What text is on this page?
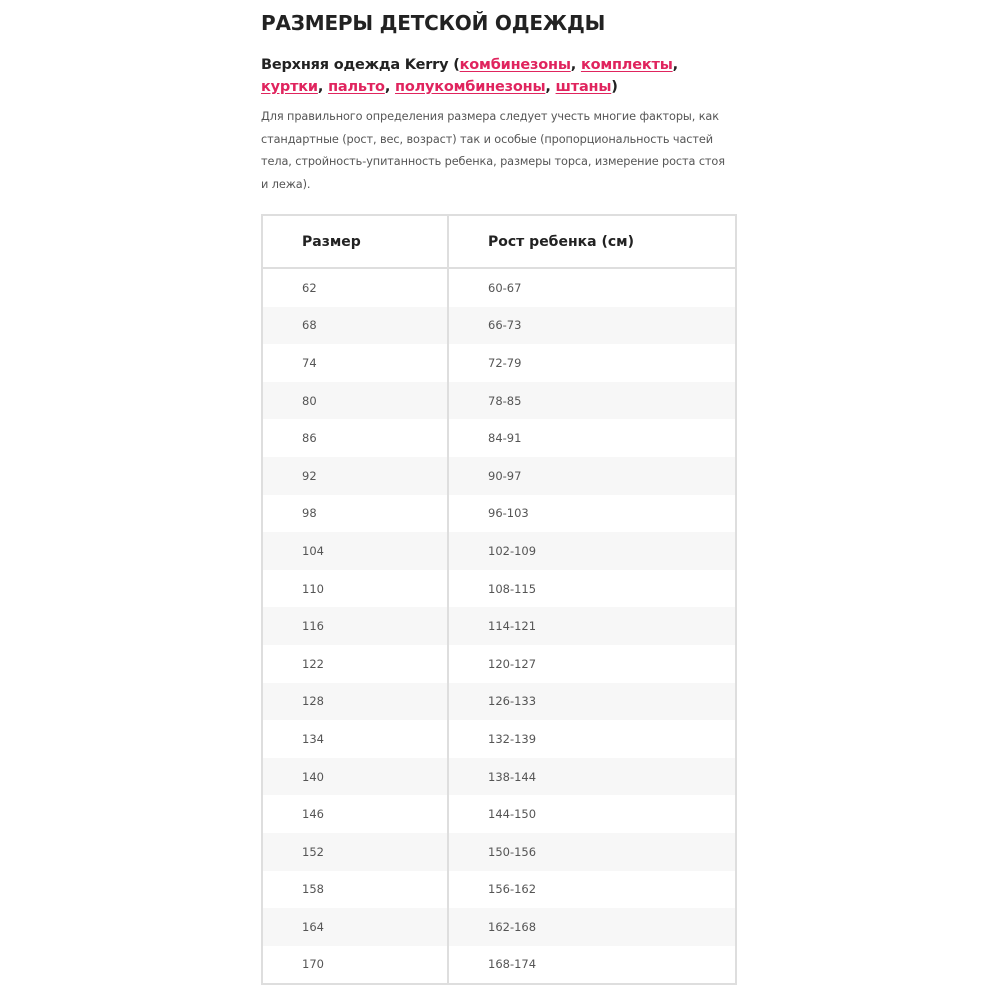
РАЗМЕРЫ ДЕТСКОЙ ОДЕЖДЫ

Верхняя одежда Kerry (комбинезоны, комплекты, куртки, пальто, полукомбинезоны, штаны)

Для правильного определения размера следует учесть многие факторы, как стандартные (рост, вес, возраст) так и особые (пропорциональность частей тела, стройность-упитанность ребенка, размеры торса, измерение роста стоя и лежа).

Размер	Рост ребенка (см)
62	60-67
68	66-73
74	72-79
80	78-85
86	84-91
92	90-97
98	96-103
104	102-109
110	108-115
116	114-121
122	120-127
128	126-133
134	132-139
140	138-144
146	144-150
152	150-156
158	156-162
164	162-168
170	168-174
